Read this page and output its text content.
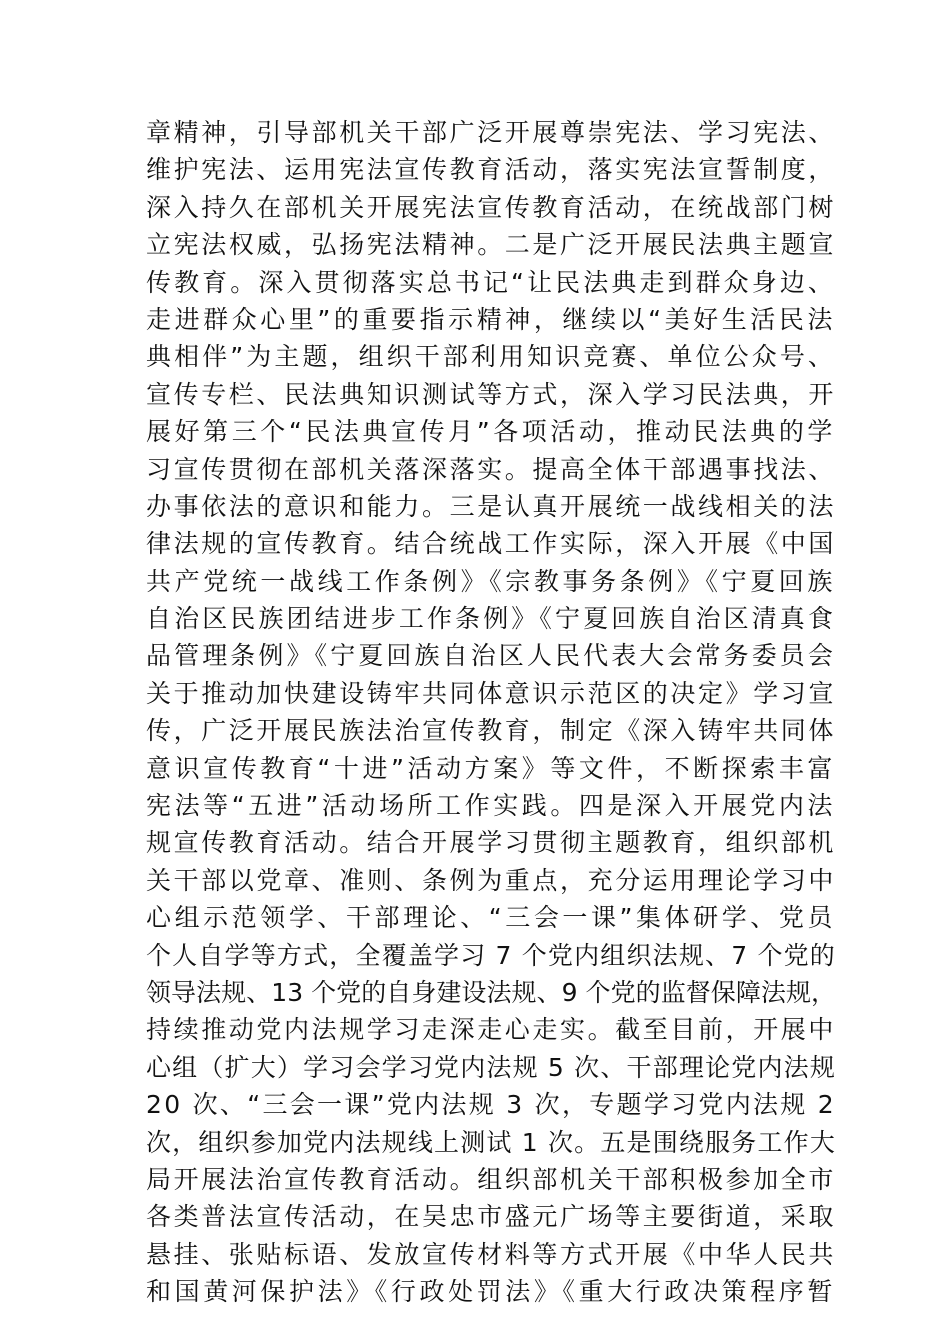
章精神，引导部机关干部广泛开展尊崇宪法、学习宪法、
维护宪法、运用宪法宣传教育活动，落实宪法宣誓制度，
深入持久在部机关开展宪法宣传教育活动，在统战部门树
立宪法权威，弘扬宪法精神。二是广泛开展民法典主题宣
传教育。深入贯彻落实总书记“让民法典走到群众身边、
走进群众心里”的重要指示精神，继续以“美好生活民法
典相伴”为主题，组织干部利用知识竞赛、单位公众号、
宣传专栏、民法典知识测试等方式，深入学习民法典，开
展好第三个“民法典宣传月”各项活动，推动民法典的学
习宣传贯彻在部机关落深落实。提高全体干部遇事找法、
办事依法的意识和能力。三是认真开展统一战线相关的法
律法规的宣传教育。结合统战工作实际，深入开展《中国
共产党统一战线工作条例》《宗教事务条例》《宁夏回族
自治区民族团结进步工作条例》《宁夏回族自治区清真食
品管理条例》《宁夏回族自治区人民代表大会常务委员会
关于推动加快建设铸牢共同体意识示范区的决定》学习宣
传，广泛开展民族法治宣传教育，制定《深入铸牢共同体
意识宣传教育“十进”活动方案》等文件，不断探索丰富
宪法等“五进”活动场所工作实践。四是深入开展党内法
规宣传教育活动。结合开展学习贯彻主题教育，组织部机
关干部以党章、准则、条例为重点，充分运用理论学习中
心组示范领学、干部理论、“三会一课”集体研学、党员
个人自学等方式，全覆盖学习 7 个党内组织法规、7 个党的
领导法规、13 个党的自身建设法规、9 个党的监督保障法规，
持续推动党内法规学习走深走心走实。截至目前，开展中
心组（扩大）学习会学习党内法规 5 次、干部理论党内法规
20 次、“三会一课”党内法规 3 次，专题学习党内法规 2
次，组织参加党内法规线上测试 1 次。五是围绕服务工作大
局开展法治宣传教育活动。组织部机关干部积极参加全市
各类普法宣传活动，在吴忠市盛元广场等主要街道，采取
悬挂、张贴标语、发放宣传材料等方式开展《中华人民共
和国黄河保护法》《行政处罚法》《重大行政决策程序暂
